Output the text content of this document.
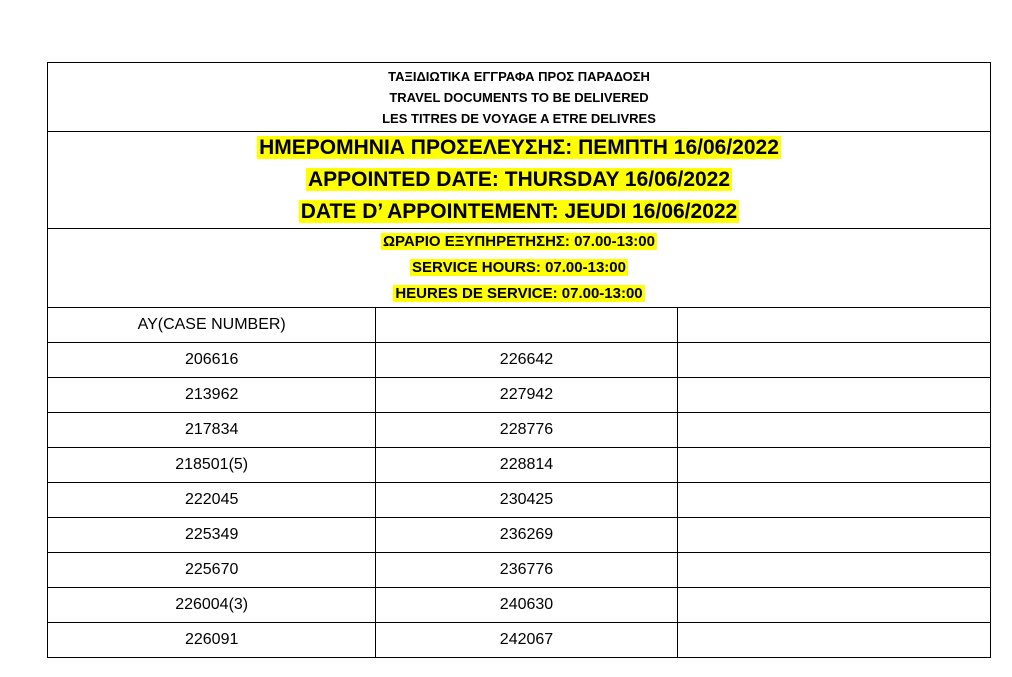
ΤΑΞΙΔΙΩΤΙΚΑ ΕΓΓΡΑΦΑ ΠΡΟΣ ΠΑΡΑΔΟΣΗ
TRAVEL DOCUMENTS TO BE DELIVERED
LES TITRES DE VOYAGE A ETRE DELIVRES		

ΗΜΕΡΟΜΗΝΙΑ ΠΡΟΣΕΛΕΥΣΗΣ: ΠΕΜΠΤΗ 16/06/2022
APPOINTED DATE: THURSDAY 16/06/2022
DATE D’ APPOINTEMENT: JEUDI 16/06/2022		

ΩΡΑΡΙΟ ΕΞΥΠΗΡΕΤΗΣΗΣ: 07.00-13:00
SERVICE HOURS: 07.00-13:00
HEURES DE SERVICE: 07.00-13:00		

AY(CASE NUMBER)		
206616	226642	
213962	227942	
217834	228776	
218501(5)	228814	
222045	230425	
225349	236269	
225670	236776	
226004(3)	240630	
226091	242067	
